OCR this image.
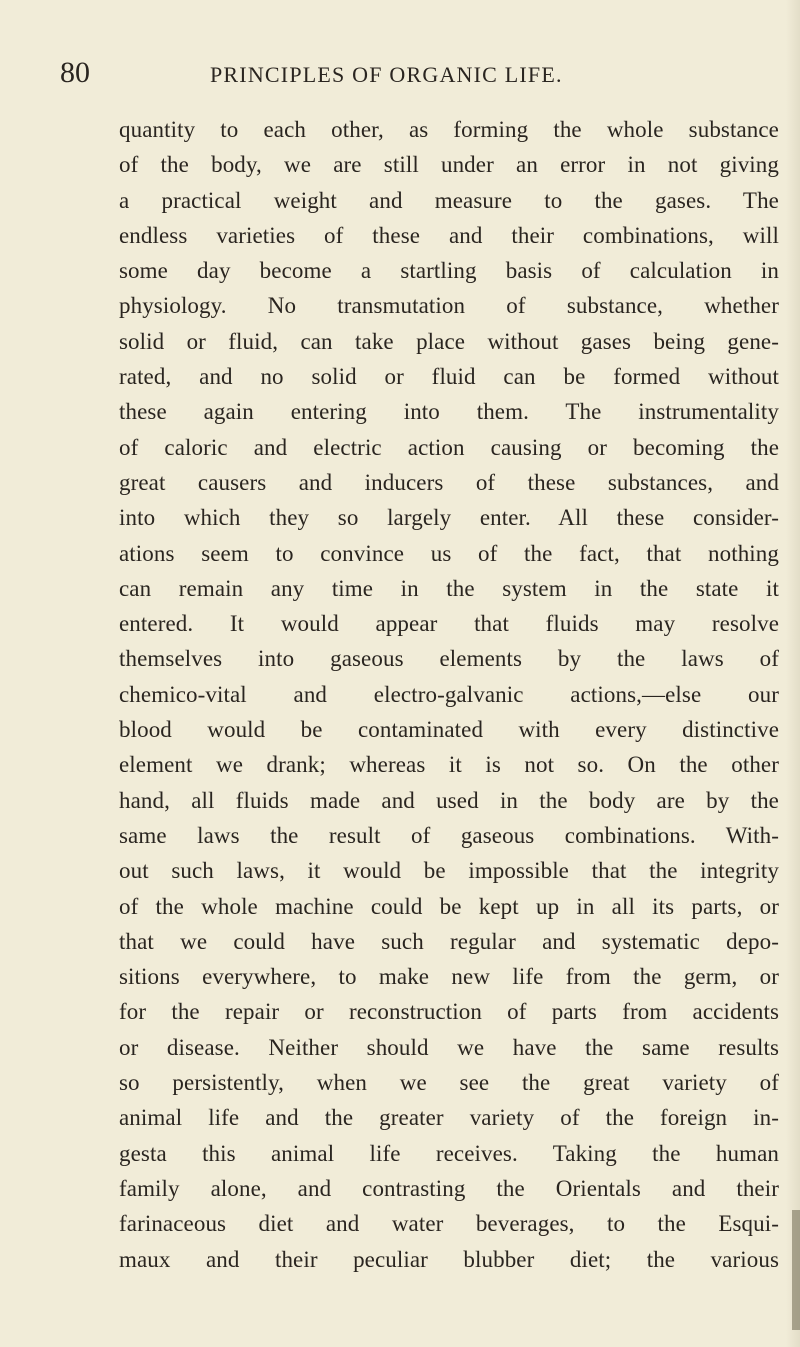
80	PRINCIPLES OF ORGANIC LIFE.
quantity to each other, as forming the whole substance
of the body, we are still under an error in not giving
a practical weight and measure to the gases. The
endless varieties of these and their combinations, will
some day become a startling basis of calculation in
physiology. No transmutation of substance, whether
solid or fluid, can take place without gases being gene-
rated, and no solid or fluid can be formed without
these again entering into them. The instrumentality
of caloric and electric action causing or becoming the
great causers and inducers of these substances, and
into which they so largely enter. All these consider-
ations seem to convince us of the fact, that nothing
can remain any time in the system in the state it
entered. It would appear that fluids may resolve
themselves into gaseous elements by the laws of
chemico-vital and electro-galvanic actions,—else our
blood would be contaminated with every distinctive
element we drank; whereas it is not so. On the other
hand, all fluids made and used in the body are by the
same laws the result of gaseous combinations. With-
out such laws, it would be impossible that the integrity
of the whole machine could be kept up in all its parts, or
that we could have such regular and systematic depo-
sitions everywhere, to make new life from the germ, or
for the repair or reconstruction of parts from accidents
or disease. Neither should we have the same results
so persistently, when we see the great variety of
animal life and the greater variety of the foreign in-
gesta this animal life receives. Taking the human
family alone, and contrasting the Orientals and their
farinaceous diet and water beverages, to the Esqui-
maux and their peculiar blubber diet; the various
